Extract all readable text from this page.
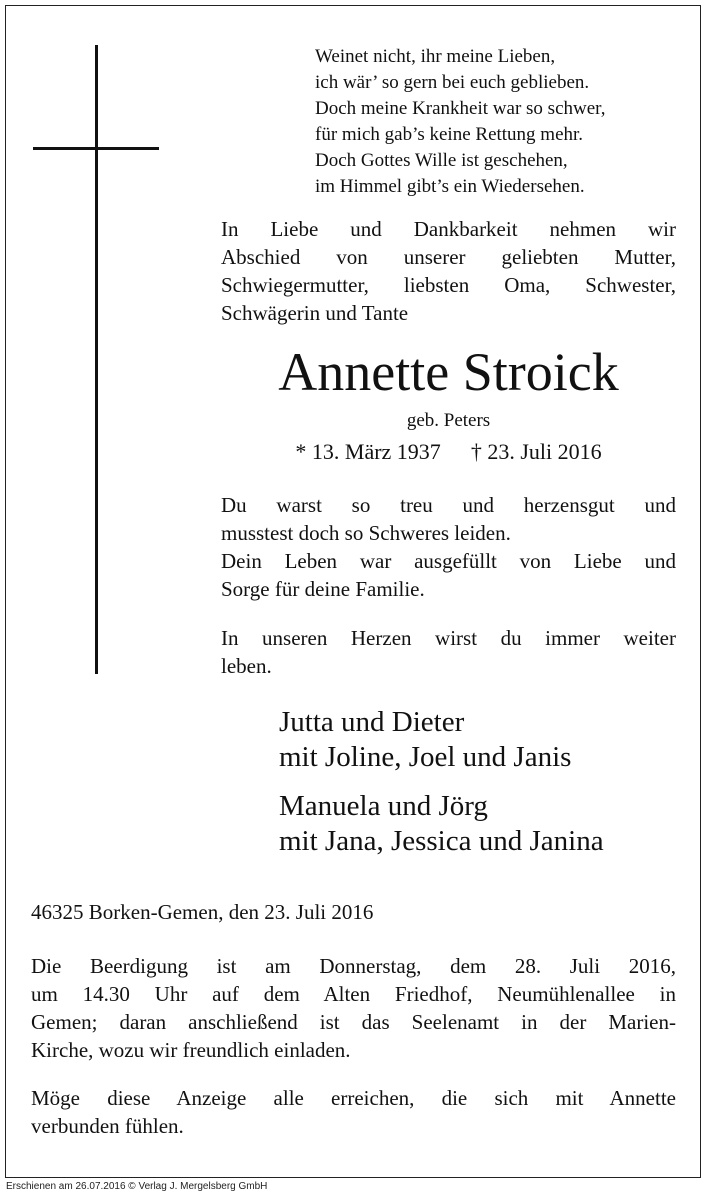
Weinet nicht, ihr meine Lieben,
ich wär’ so gern bei euch geblieben.
Doch meine Krankheit war so schwer,
für mich gab’s keine Rettung mehr.
Doch Gottes Wille ist geschehen,
im Himmel gibt’s ein Wiedersehen.
In Liebe und Dankbarkeit nehmen wir
Abschied von unserer geliebten Mutter,
Schwiegermutter, liebsten Oma, Schwester,
Schwägerin und Tante
Annette Stroick
geb. Peters
* 13. März 1937 † 23. Juli 2016
Du warst so treu und herzensgut und
musstest doch so Schweres leiden.
Dein Leben war ausgefüllt von Liebe und
Sorge für deine Familie.
In unseren Herzen wirst du immer weiter
leben.
Jutta und Dieter
mit Joline, Joel und Janis
Manuela und Jörg
mit Jana, Jessica und Janina
46325 Borken-Gemen, den 23. Juli 2016
Die Beerdigung ist am Donnerstag, dem 28. Juli 2016,
um 14.30 Uhr auf dem Alten Friedhof, Neumühlenallee in
Gemen; daran anschließend ist das Seelenamt in der Marien-
Kirche, wozu wir freundlich einladen.
Möge diese Anzeige alle erreichen, die sich mit Annette
verbunden fühlen.
Erschienen am 26.07.2016 © Verlag J. Mergelsberg GmbH
